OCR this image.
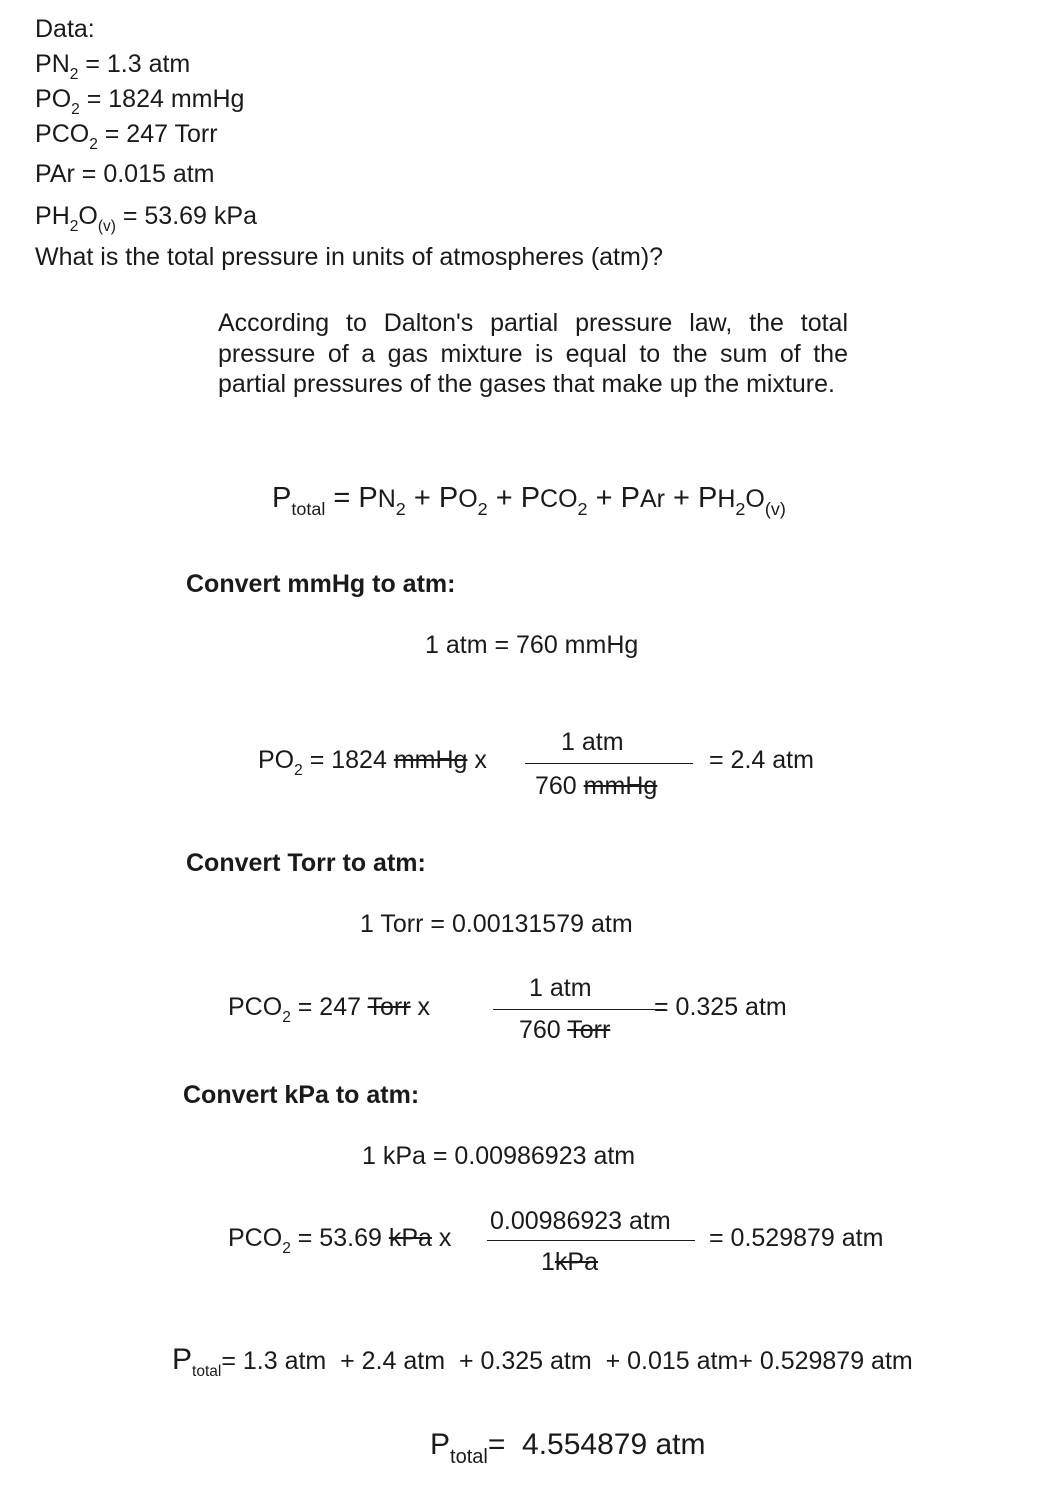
Data:
$PN_2 = 1.3$ atm
$PO_2 = 1824$ mmHg
$PCO_2 = 247$ Torr
PAr = 0.015 atm
$PH_2O_{(v)} = 53.69$ kPa
What is the total pressure in units of atmospheres (atm)?
According to Dalton's partial pressure law, the total pressure of a gas mixture is equal to the sum of the partial pressures of the gases that make up the mixture.
$P_{total} = PN_2 + PO_2 + PCO_2$ + PAr + $PH_2O_{(v)}$
Convert mmHg to atm:
1 atm = 760 mmHg
$PO_2 = 1824$ mmHg x
1 atm
760 mmHg
= 2.4 atm
Convert Torr to atm:
1 Torr = 0.00131579 atm
$PCO_2 = 247$ Torr x
1 atm
760 Torr
= 0.325 atm
Convert kPa to atm:
1 kPa = 0.00986923 atm
$PCO_2 = 53.69$ kPa x
0.00986923 atm
1kPa
= 0.529879 atm
$P_{total}= 1.3$ atm  + 2.4 atm  + 0.325 atm  + 0.015 atm+ 0.529879 atm
$P_{total}= 4.554879$ atm
